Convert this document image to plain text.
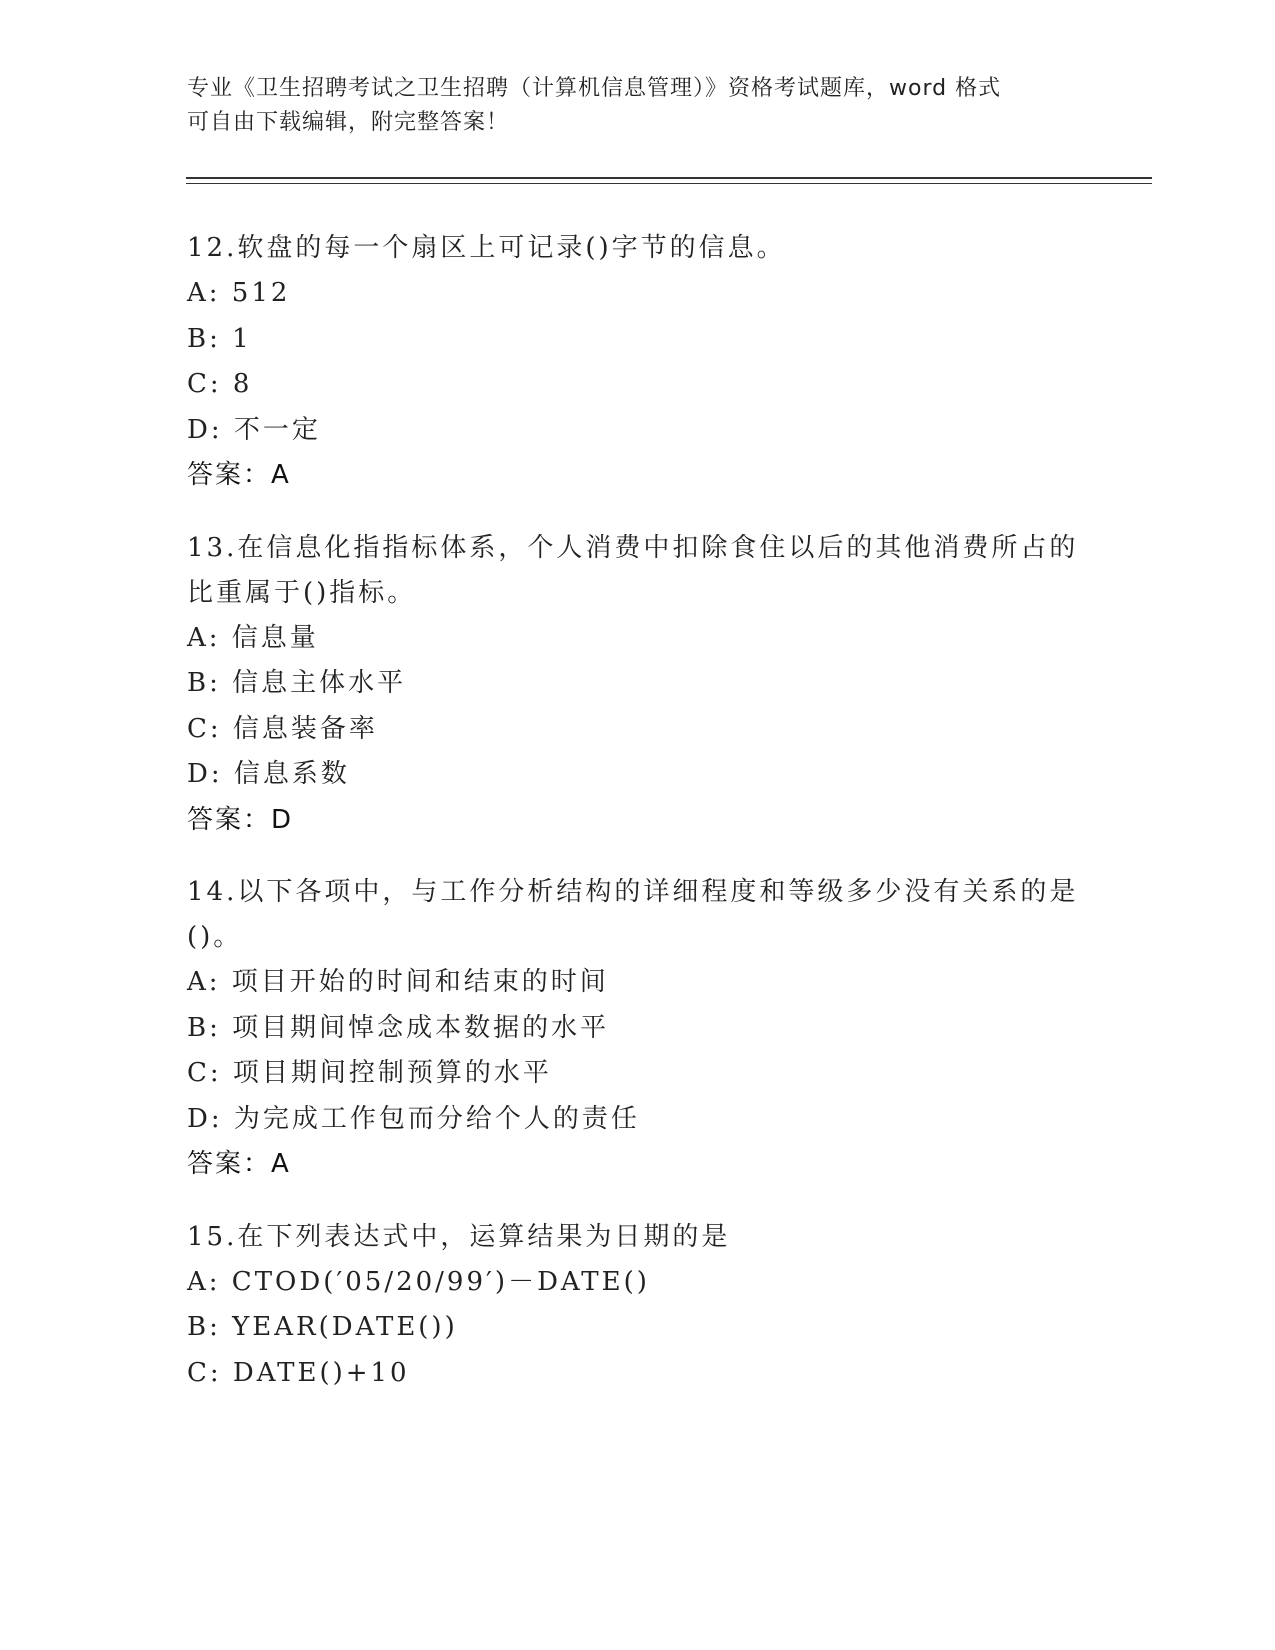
专业《卫生招聘考试之卫生招聘（计算机信息管理）》资格考试题库，word 格式
可自由下载编辑，附完整答案！
12.软盘的每一个扇区上可记录()字节的信息。
A: 512
B: 1
C: 8
D: 不一定
答案：A
13.在信息化指指标体系，个人消费中扣除食住以后的其他消费所占的比重属于()指标。
A: 信息量
B: 信息主体水平
C: 信息装备率
D: 信息系数
答案：D
14.以下各项中，与工作分析结构的详细程度和等级多少没有关系的是()。
A: 项目开始的时间和结束的时间
B: 项目期间悼念成本数据的水平
C: 项目期间控制预算的水平
D: 为完成工作包而分给个人的责任
答案：A
15.在下列表达式中，运算结果为日期的是
A: CTOD(′05/20/99′)－DATE()
B: YEAR(DATE())
C: DATE()+10
